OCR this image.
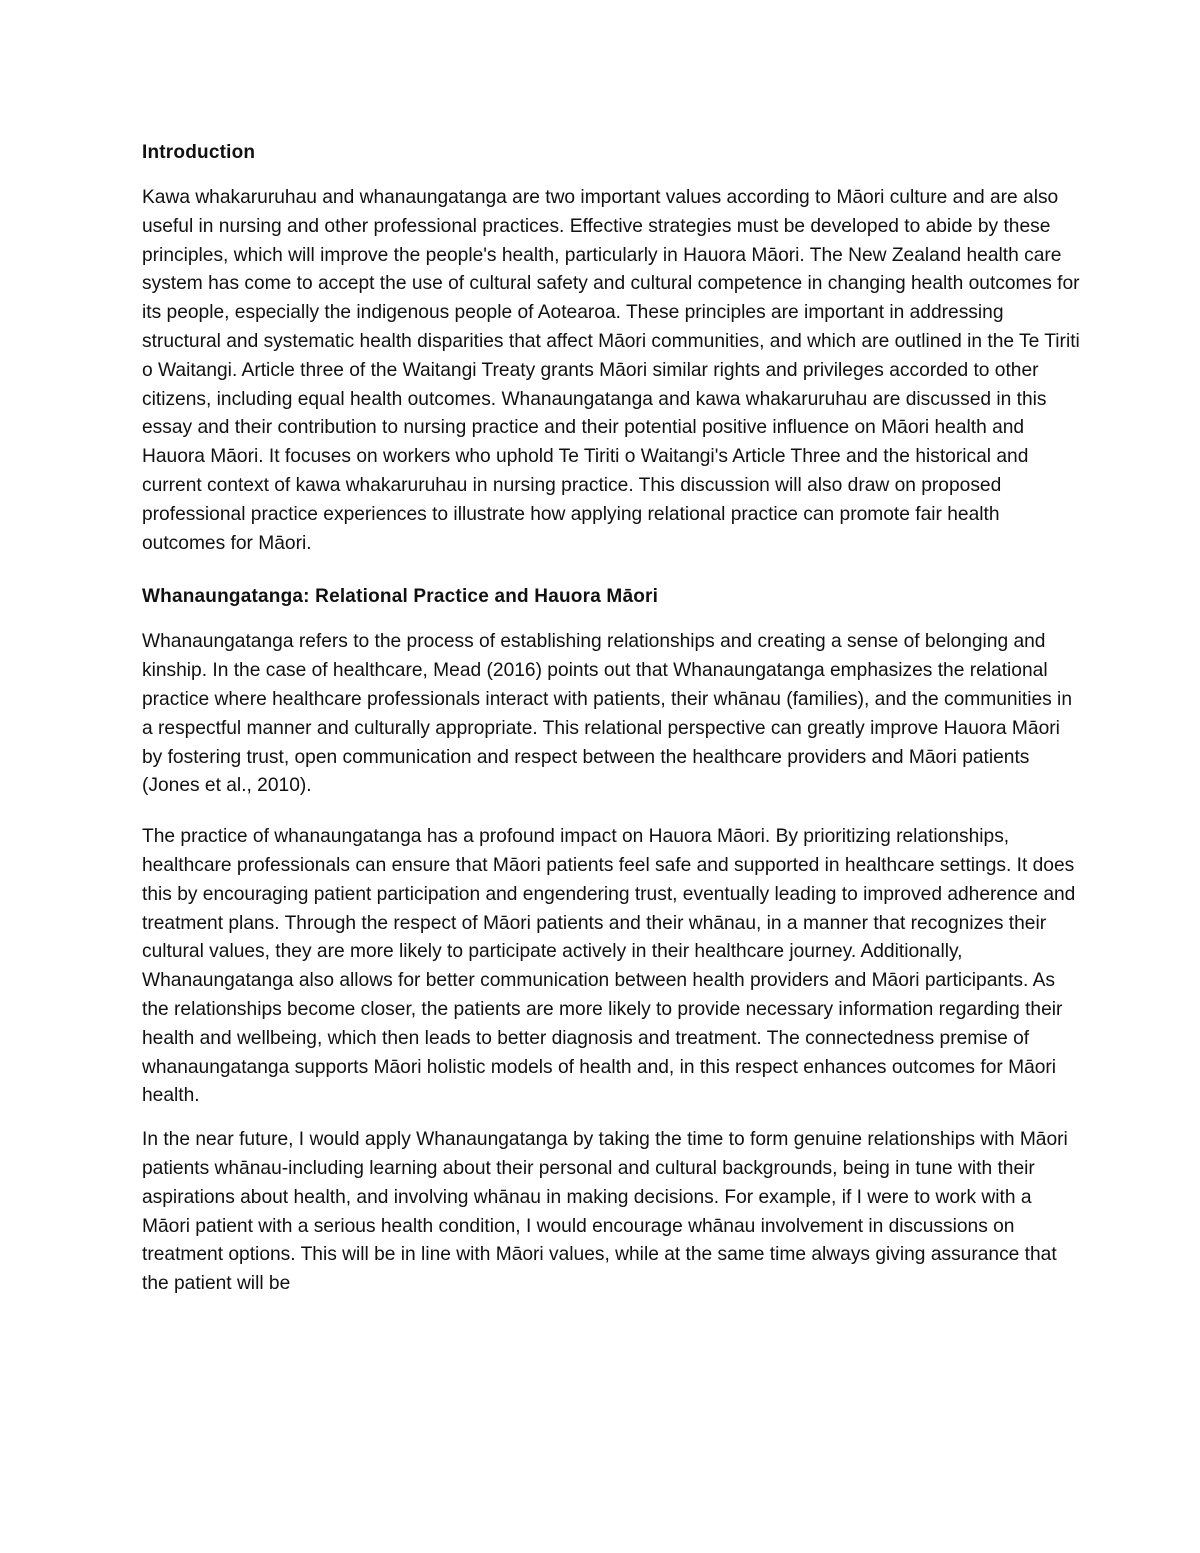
Introduction

Kawa whakaruruhau and whanaungatanga are two important values according to Māori culture and are also useful in nursing and other professional practices. Effective strategies must be developed to abide by these principles, which will improve the people's health, particularly in Hauora Māori. The New Zealand health care system has come to accept the use of cultural safety and cultural competence in changing health outcomes for its people, especially the indigenous people of Aotearoa. These principles are important in addressing structural and systematic health disparities that affect Māori communities, and which are outlined in the Te Tiriti o Waitangi. Article three of the Waitangi Treaty grants Māori similar rights and privileges accorded to other citizens, including equal health outcomes. Whanaungatanga and kawa whakaruruhau are discussed in this essay and their contribution to nursing practice and their potential positive influence on Māori health and Hauora Māori. It focuses on workers who uphold Te Tiriti o Waitangi's Article Three and the historical and current context of kawa whakaruruhau in nursing practice. This discussion will also draw on proposed professional practice experiences to illustrate how applying relational practice can promote fair health outcomes for Māori.

Whanaungatanga: Relational Practice and Hauora Māori

Whanaungatanga refers to the process of establishing relationships and creating a sense of belonging and kinship. In the case of healthcare, Mead (2016) points out that Whanaungatanga emphasizes the relational practice where healthcare professionals interact with patients, their whānau (families), and the communities in a respectful manner and culturally appropriate. This relational perspective can greatly improve Hauora Māori by fostering trust, open communication and respect between the healthcare providers and Māori patients (Jones et al., 2010).

The practice of whanaungatanga has a profound impact on Hauora Māori. By prioritizing relationships, healthcare professionals can ensure that Māori patients feel safe and supported in healthcare settings. It does this by encouraging patient participation and engendering trust, eventually leading to improved adherence and treatment plans. Through the respect of Māori patients and their whānau, in a manner that recognizes their cultural values, they are more likely to participate actively in their healthcare journey. Additionally, Whanaungatanga also allows for better communication between health providers and Māori participants. As the relationships become closer, the patients are more likely to provide necessary information regarding their health and wellbeing, which then leads to better diagnosis and treatment. The connectedness premise of whanaungatanga supports Māori holistic models of health and, in this respect enhances outcomes for Māori health.

In the near future, I would apply Whanaungatanga by taking the time to form genuine relationships with Māori patients whānau-including learning about their personal and cultural backgrounds, being in tune with their aspirations about health, and involving whānau in making decisions. For example, if I were to work with a Māori patient with a serious health condition, I would encourage whānau involvement in discussions on treatment options. This will be in line with Māori values, while at the same time always giving assurance that the patient will be
